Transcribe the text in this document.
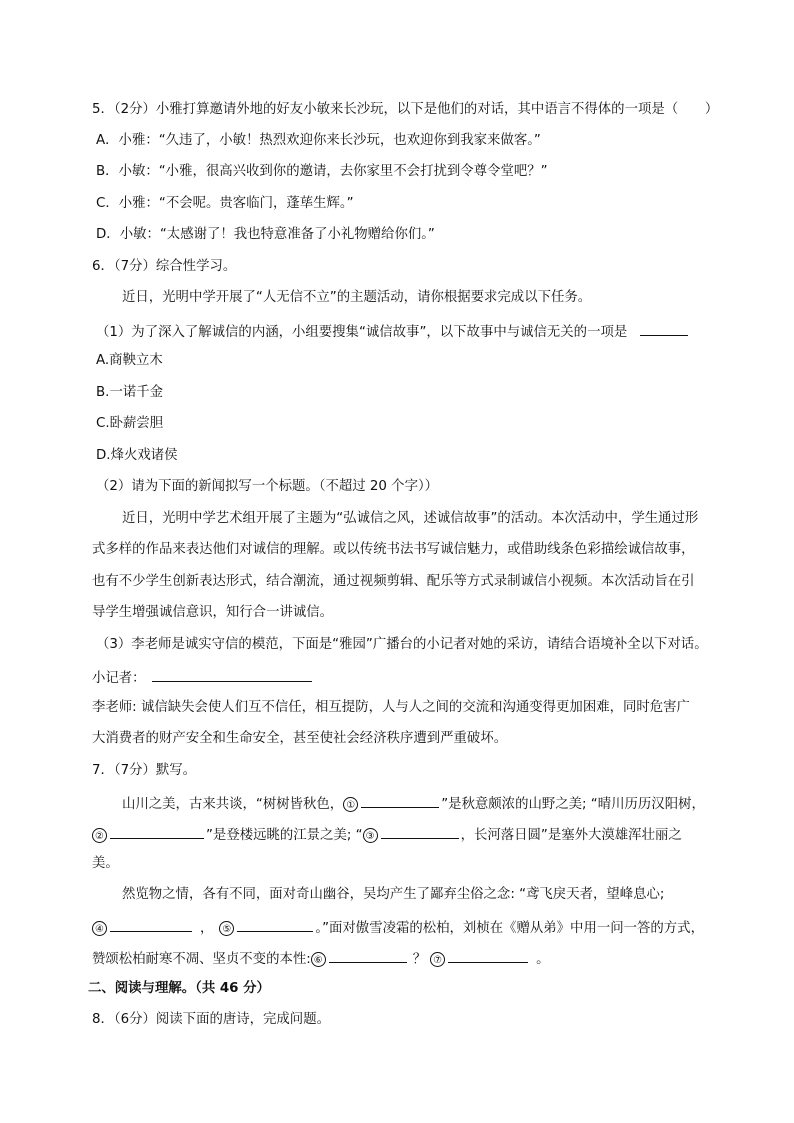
5．（2分）小雅打算邀请外地的好友小敏来长沙玩，以下是他们的对话，其中语言不得体的一项是（　　）
A．小雅：“久违了，小敏！热烈欢迎你来长沙玩，也欢迎你到我家来做客。”
B．小敏：“小雅，很高兴收到你的邀请，去你家里不会打扰到令尊令堂吧？”
C．小雅：“不会呢。贵客临门，蓬荜生辉。”
D．小敏：“太感谢了！我也特意准备了小礼物赠给你们。”
6．（7分）综合性学习。
近日，光明中学开展了“人无信不立”的主题活动，请你根据要求完成以下任务。
（1）为了深入了解诚信的内涵，小组要搜集“诚信故事”，以下故事中与诚信无关的一项是
A.商鞅立木
B.一诺千金
C.卧薪尝胆
D.烽火戏诸侯
（2）请为下面的新闻拟写一个标题。（不超过 20 个字））
近日，光明中学艺术组开展了主题为“弘诚信之风，述诚信故事”的活动。本次活动中，学生通过形
式多样的作品来表达他们对诚信的理解。或以传统书法书写诚信魅力，或借助线条色彩描绘诚信故事，
也有不少学生创新表达形式，结合潮流，通过视频剪辑、配乐等方式录制诚信小视频。本次活动旨在引
导学生增强诚信意识，知行合一讲诚信。
（3）李老师是诚实守信的模范，下面是“雅园”广播台的小记者对她的采访，请结合语境补全以下对话。
小记者：
李老师: 诚信缺失会使人们互不信任，相互提防，人与人之间的交流和沟通变得更加困难，同时危害广
大消费者的财产安全和生命安全，甚至使社会经济秩序遭到严重破坏。
7．（7分）默写。
山川之美，古来共谈，“树树皆秋色， ①	”是秋意颇浓的山野之美; “晴川历历汉阳树，
②	”是登楼远眺的江景之美; “ ③	，长河落日圆”是塞外大漠雄浑壮丽之
美。
然览物之情，各有不同，面对奇山幽谷，吴均产生了鄙弃尘俗之念: “鸢飞戾天者，望峰息心;
④	， ⑤	。”面对傲雪凌霜的松柏，刘桢在《赠从弟》中用一问一答的方式，
赞颂松柏耐寒不凋、坚贞不变的本性: ⑥	？ ⑦	。
二、阅读与理解。（共 46 分）
8．（6分）阅读下面的唐诗，完成问题。
